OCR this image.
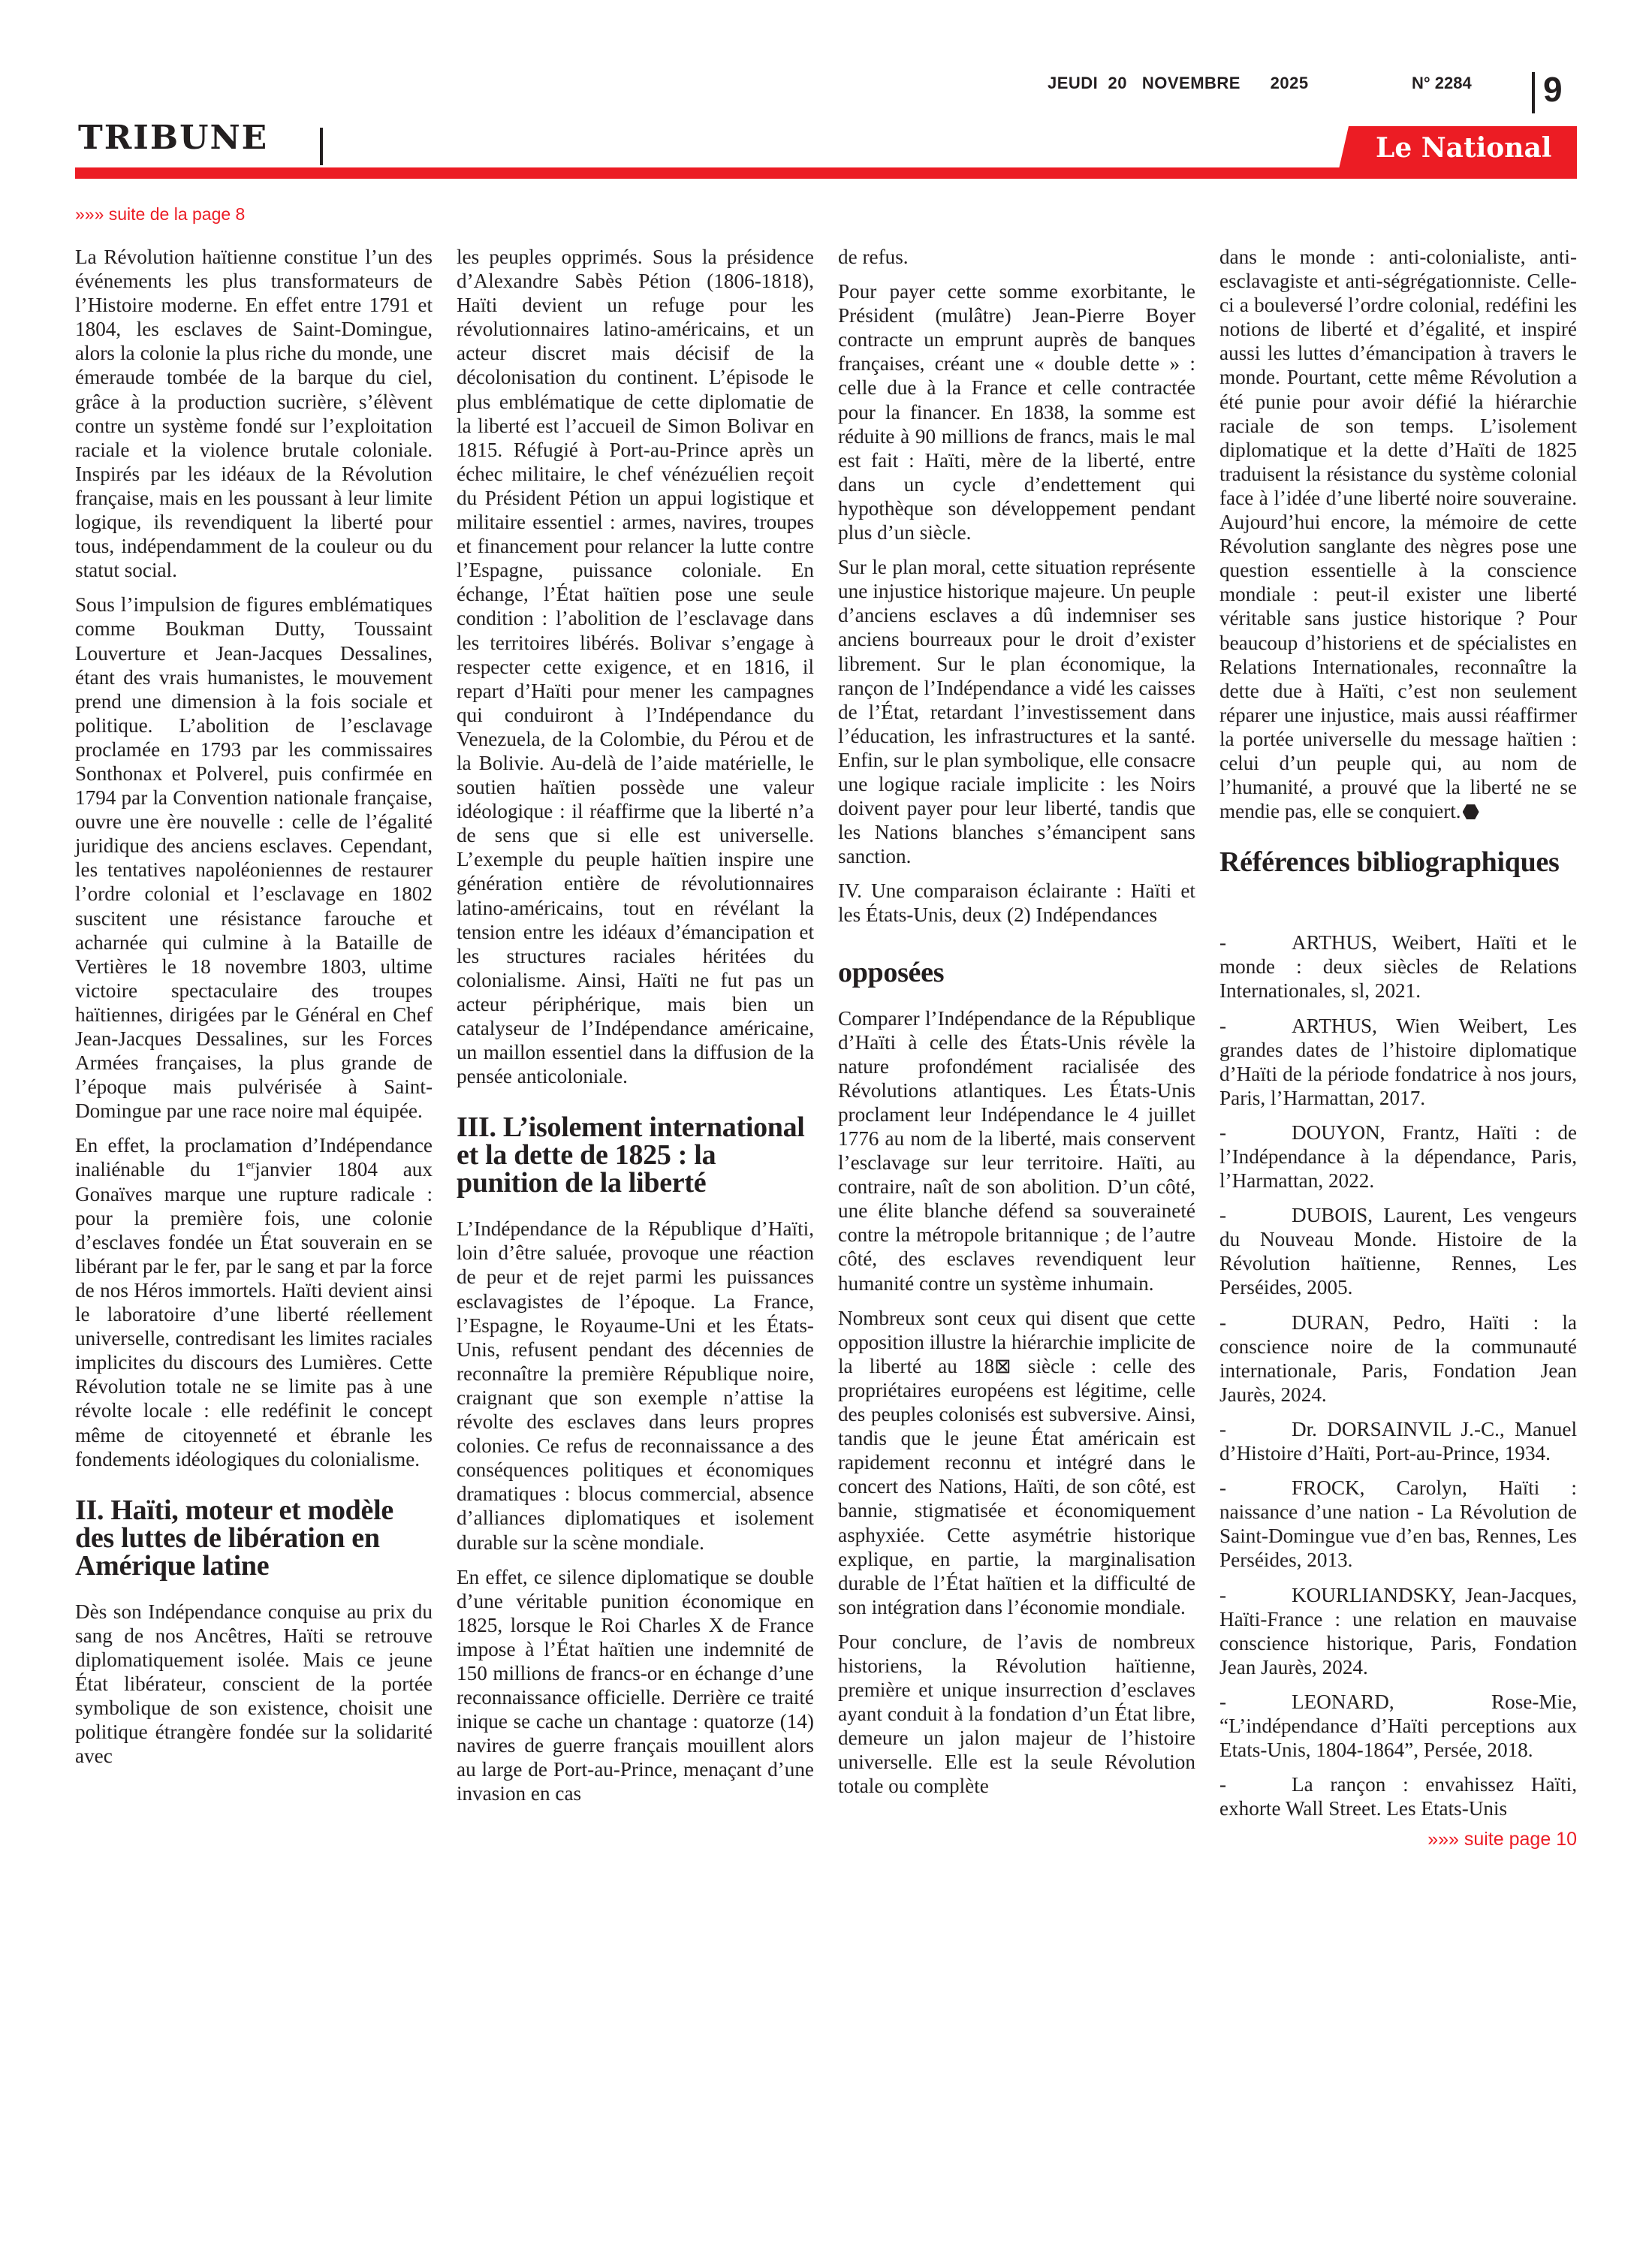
JEUDI 20 NOVEMBRE 2025	N° 2284 9
TRIBUNE	Le National
»»» suite de la page 8

La Révolution haïtienne constitue l’un des événements les plus transformateurs de l’Histoire moderne. En effet entre 1791 et 1804, les esclaves de Saint-Domingue, alors la colonie la plus riche du monde, une émeraude tombée de la barque du ciel, grâce à la production sucrière, s’élèvent contre un système fondé sur l’exploitation raciale et la violence brutale coloniale. Inspirés par les idéaux de la Révolution française, mais en les poussant à leur limite logique, ils revendiquent la liberté pour tous, indépendamment de la couleur ou du statut social.

Sous l’impulsion de figures emblématiques comme Boukman Dutty, Toussaint Louverture et Jean-Jacques Dessalines, étant des vrais humanistes, le mouvement prend une dimension à la fois sociale et politique. L’abolition de l’esclavage proclamée en 1793 par les commissaires Sonthonax et Polverel, puis confirmée en 1794 par la Convention nationale française, ouvre une ère nouvelle : celle de l’égalité juridique des anciens esclaves. Cependant, les tentatives napoléoniennes de restaurer l’ordre colonial et l’esclavage en 1802 suscitent une résistance farouche et acharnée qui culmine à la Bataille de Vertières le 18 novembre 1803, ultime victoire spectaculaire des troupes haïtiennes, dirigées par le Général en Chef Jean-Jacques Dessalines, sur les Forces Armées françaises, la plus grande de l’époque mais pulvérisée à Saint-Domingue par une race noire mal équipée.

En effet, la proclamation d’Indépendance inaliénable du 1erjanvier 1804 aux Gonaïves marque une rupture radicale : pour la première fois, une colonie d’esclaves fondée un État souverain en se libérant par le fer, par le sang et par la force de nos Héros immortels. Haïti devient ainsi le laboratoire d’une liberté réellement universelle, contredisant les limites raciales implicites du discours des Lumières. Cette Révolution totale ne se limite pas à une révolte locale : elle redéfinit le concept même de citoyenneté et ébranle les fondements idéologiques du colonialisme.

II. Haïti, moteur et modèle des luttes de libération en Amérique latine

Dès son Indépendance conquise au prix du sang de nos Ancêtres, Haïti se retrouve diplomatiquement isolée. Mais ce jeune État libérateur, conscient de la portée symbolique de son existence, choisit une politique étrangère fondée sur la solidarité avec

les peuples opprimés. Sous la présidence d’Alexandre Sabès Pétion (1806-1818), Haïti devient un refuge pour les révolutionnaires latino-américains, et un acteur discret mais décisif de la décolonisation du continent. L’épisode le plus emblématique de cette diplomatie de la liberté est l’accueil de Simon Bolivar en 1815. Réfugié à Port-au-Prince après un échec militaire, le chef vénézuélien reçoit du Président Pétion un appui logistique et militaire essentiel : armes, navires, troupes et financement pour relancer la lutte contre l’Espagne, puissance coloniale. En échange, l’État haïtien pose une seule condition : l’abolition de l’esclavage dans les territoires libérés. Bolivar s’engage à respecter cette exigence, et en 1816, il repart d’Haïti pour mener les campagnes qui conduiront à l’Indépendance du Venezuela, de la Colombie, du Pérou et de la Bolivie. Au-delà de l’aide matérielle, le soutien haïtien possède une valeur idéologique : il réaffirme que la liberté n’a de sens que si elle est universelle. L’exemple du peuple haïtien inspire une génération entière de révolutionnaires latino-américains, tout en révélant la tension entre les idéaux d’émancipation et les structures raciales héritées du colonialisme. Ainsi, Haïti ne fut pas un acteur périphérique, mais bien un catalyseur de l’Indépendance américaine, un maillon essentiel dans la diffusion de la pensée anticoloniale.

III. L’isolement international et la dette de 1825 : la punition de la liberté

L’Indépendance de la République d’Haïti, loin d’être saluée, provoque une réaction de peur et de rejet parmi les puissances esclavagistes de l’époque. La France, l’Espagne, le Royaume-Uni et les États-Unis, refusent pendant des décennies de reconnaître la première République noire, craignant que son exemple n’attise la révolte des esclaves dans leurs propres colonies. Ce refus de reconnaissance a des conséquences politiques et économiques dramatiques : blocus commercial, absence d’alliances diplomatiques et isolement durable sur la scène mondiale.

En effet, ce silence diplomatique se double d’une véritable punition économique en 1825, lorsque le Roi Charles X de France impose à l’État haïtien une indemnité de 150 millions de francs-or en échange d’une reconnaissance officielle. Derrière ce traité inique se cache un chantage : quatorze (14) navires de guerre français mouillent alors au large de Port-au-Prince, menaçant d’une invasion en cas

de refus.

Pour payer cette somme exorbitante, le Président (mulâtre) Jean-Pierre Boyer contracte un emprunt auprès de banques françaises, créant une « double dette » : celle due à la France et celle contractée pour la financer. En 1838, la somme est réduite à 90 millions de francs, mais le mal est fait : Haïti, mère de la liberté, entre dans un cycle d’endettement qui hypothèque son développement pendant plus d’un siècle.

Sur le plan moral, cette situation représente une injustice historique majeure. Un peuple d’anciens esclaves a dû indemniser ses anciens bourreaux pour le droit d’exister librement. Sur le plan économique, la rançon de l’Indépendance a vidé les caisses de l’État, retardant l’investissement dans l’éducation, les infrastructures et la santé. Enfin, sur le plan symbolique, elle consacre une logique raciale implicite : les Noirs doivent payer pour leur liberté, tandis que les Nations blanches s’émancipent sans sanction.

IV. Une comparaison éclairante : Haïti et les États-Unis, deux (2) Indépendances

opposées

Comparer l’Indépendance de la République d’Haïti à celle des États-Unis révèle la nature profondément racialisée des Révolutions atlantiques. Les États-Unis proclament leur Indépendance le 4 juillet 1776 au nom de la liberté, mais conservent l’esclavage sur leur territoire. Haïti, au contraire, naît de son abolition. D’un côté, une élite blanche défend sa souveraineté contre la métropole britannique ; de l’autre côté, des esclaves revendiquent leur humanité contre un système inhumain.

Nombreux sont ceux qui disent que cette opposition illustre la hiérarchie implicite de la liberté au 18⊠ siècle : celle des propriétaires européens est légitime, celle des peuples colonisés est subversive. Ainsi, tandis que le jeune État américain est rapidement reconnu et intégré dans le concert des Nations, Haïti, de son côté, est bannie, stigmatisée et économiquement asphyxiée. Cette asymétrie historique explique, en partie, la marginalisation durable de l’État haïtien et la difficulté de son intégration dans l’économie mondiale.

Pour conclure, de l’avis de nombreux historiens, la Révolution haïtienne, première et unique insurrection d’esclaves ayant conduit à la fondation d’un État libre, demeure un jalon majeur de l’histoire universelle. Elle est la seule Révolution totale ou complète

dans le monde : anti-colonialiste, anti-esclavagiste et anti-ségrégationniste. Celle-ci a bouleversé l’ordre colonial, redéfini les notions de liberté et d’égalité, et inspiré aussi les luttes d’émancipation à travers le monde. Pourtant, cette même Révolution a été punie pour avoir défié la hiérarchie raciale de son temps. L’isolement diplomatique et la dette d’Haïti de 1825 traduisent la résistance du système colonial face à l’idée d’une liberté noire souveraine. Aujourd’hui encore, la mémoire de cette Révolution sanglante des nègres pose une question essentielle à la conscience mondiale : peut-il exister une liberté véritable sans justice historique ? Pour beaucoup d’historiens et de spécialistes en Relations Internationales, reconnaître la dette due à Haïti, c’est non seulement réparer une injustice, mais aussi réaffirmer la portée universelle du message haïtien : celui d’un peuple qui, au nom de l’humanité, a prouvé que la liberté ne se mendie pas, elle se conquiert.

Références bibliographiques

-	ARTHUS, Weibert, Haïti et le monde : deux siècles de Relations Internationales, sl, 2021.

-	ARTHUS, Wien Weibert, Les grandes dates de l’histoire diplomatique d’Haïti de la période fondatrice à nos jours, Paris, l’Harmattan, 2017.

-	DOUYON, Frantz, Haïti : de l’Indépendance à la dépendance, Paris, l’Harmattan, 2022.

-	DUBOIS, Laurent, Les vengeurs du Nouveau Monde. Histoire de la Révolution haïtienne, Rennes, Les Perséides, 2005.

-	DURAN, Pedro, Haïti : la conscience noire de la communauté internationale, Paris, Fondation Jean Jaurès, 2024.

-	Dr. DORSAINVIL J.-C., Manuel d’Histoire d’Haïti, Port-au-Prince, 1934.

-	FROCK, Carolyn, Haïti : naissance d’une nation - La Révolution de Saint-Domingue vue d’en bas, Rennes, Les Perséides, 2013.

-	KOURLIANDSKY, Jean-Jacques, Haïti-France : une relation en mauvaise conscience historique, Paris, Fondation Jean Jaurès, 2024.

-	LEONARD, Rose-Mie, “L’indépendance d’Haïti perceptions aux Etats-Unis, 1804-1864”, Persée, 2018.

-	La rançon : envahissez Haïti, exhorte Wall Street. Les Etats-Unis

»»» suite page 10
